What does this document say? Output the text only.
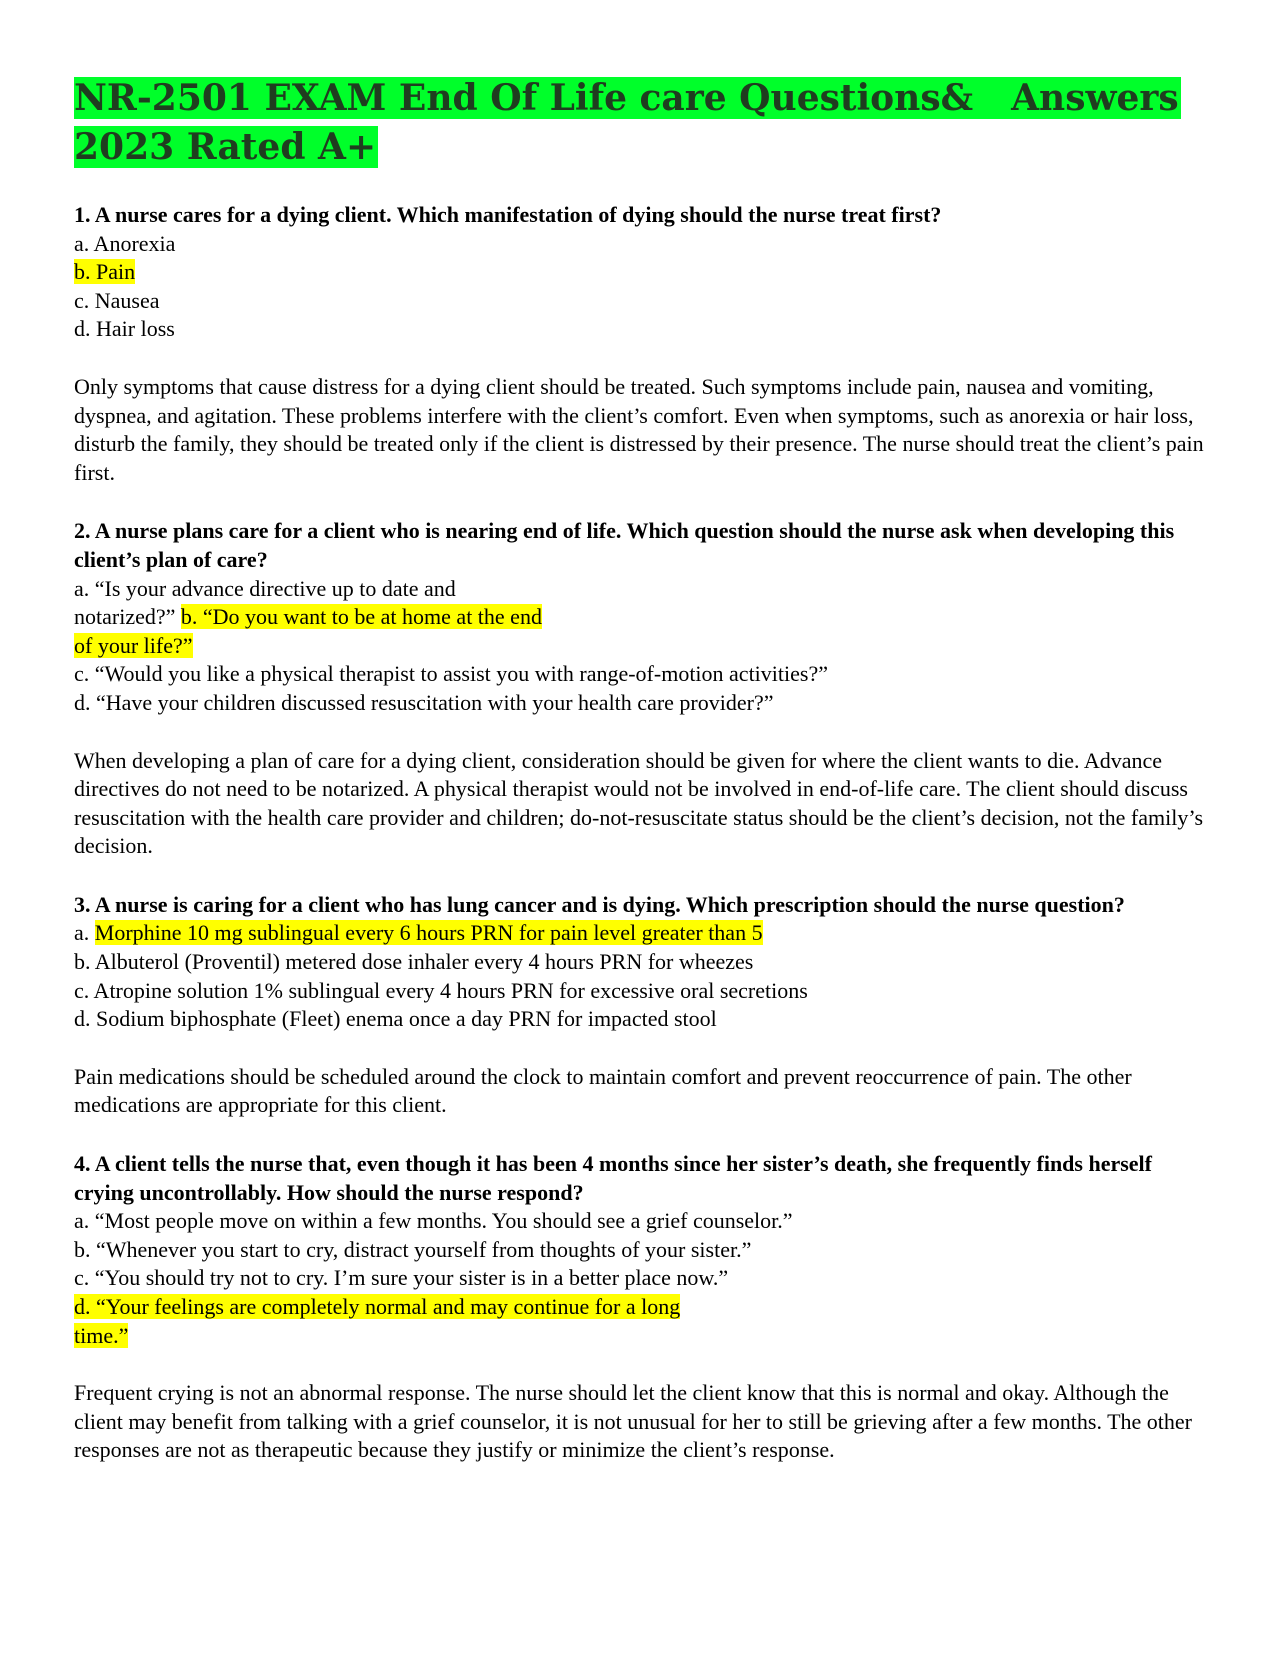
NR-2501 EXAM End Of Life care Questions& Answers
2023 Rated A+

1. A nurse cares for a dying client. Which manifestation of dying should the nurse treat first?

a. Anorexia

b. Pain

c. Nausea

d. Hair loss

Only symptoms that cause distress for a dying client should be treated. Such symptoms include pain, nausea and vomiting, dyspnea, and agitation. These problems interfere with the client’s comfort. Even when symptoms, such as anorexia or hair loss, disturb the family, they should be treated only if the client is distressed by their presence. The nurse should treat the client’s pain first.

2. A nurse plans care for a client who is nearing end of life. Which question should the nurse ask when developing this client’s plan of care?

a. “Is your advance directive up to date and

notarized?” b. “Do you want to be at home at the end

of your life?”

c. “Would you like a physical therapist to assist you with range-of-motion activities?”

d. “Have your children discussed resuscitation with your health care provider?”

When developing a plan of care for a dying client, consideration should be given for where the client wants to die. Advance directives do not need to be notarized. A physical therapist would not be involved in end-of-life care. The client should discuss resuscitation with the health care provider and children; do-not-resuscitate status should be the client’s decision, not the family’s decision.

3. A nurse is caring for a client who has lung cancer and is dying. Which prescription should the nurse question?

a. Morphine 10 mg sublingual every 6 hours PRN for pain level greater than 5

b. Albuterol (Proventil) metered dose inhaler every 4 hours PRN for wheezes

c. Atropine solution 1% sublingual every 4 hours PRN for excessive oral secretions

d. Sodium biphosphate (Fleet) enema once a day PRN for impacted stool

Pain medications should be scheduled around the clock to maintain comfort and prevent reoccurrence of pain. The other medications are appropriate for this client.

4. A client tells the nurse that, even though it has been 4 months since her sister’s death, she frequently finds herself crying uncontrollably. How should the nurse respond?

a. “Most people move on within a few months. You should see a grief counselor.”

b. “Whenever you start to cry, distract yourself from thoughts of your sister.”

c. “You should try not to cry. I’m sure your sister is in a better place now.”

d. “Your feelings are completely normal and may continue for a long

time.”

Frequent crying is not an abnormal response. The nurse should let the client know that this is normal and okay. Although the client may benefit from talking with a grief counselor, it is not unusual for her to still be grieving after a few months. The other responses are not as therapeutic because they justify or minimize the client’s response.
